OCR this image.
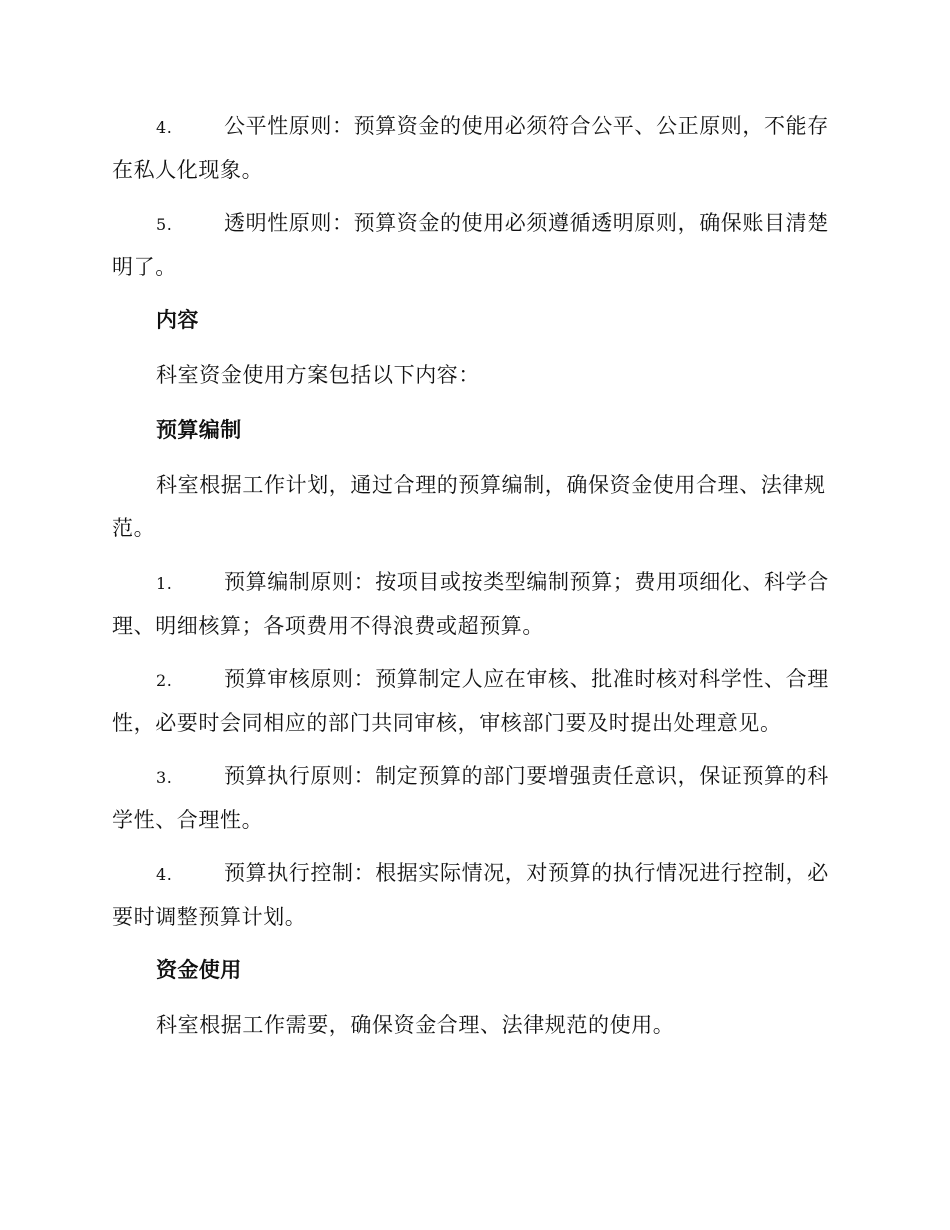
4. 公平性原则：预算资金的使用必须符合公平、公正原则，不能存在私人化现象。

5. 透明性原则：预算资金的使用必须遵循透明原则，确保账目清楚明了。

内容

科室资金使用方案包括以下内容：

预算编制

科室根据工作计划，通过合理的预算编制，确保资金使用合理、法律规范。

1. 预算编制原则：按项目或按类型编制预算；费用项细化、科学合理、明细核算；各项费用不得浪费或超预算。

2. 预算审核原则：预算制定人应在审核、批准时核对科学性、合理性，必要时会同相应的部门共同审核，审核部门要及时提出处理意见。

3. 预算执行原则：制定预算的部门要增强责任意识，保证预算的科学性、合理性。

4. 预算执行控制：根据实际情况，对预算的执行情况进行控制，必要时调整预算计划。

资金使用

科室根据工作需要，确保资金合理、法律规范的使用。
